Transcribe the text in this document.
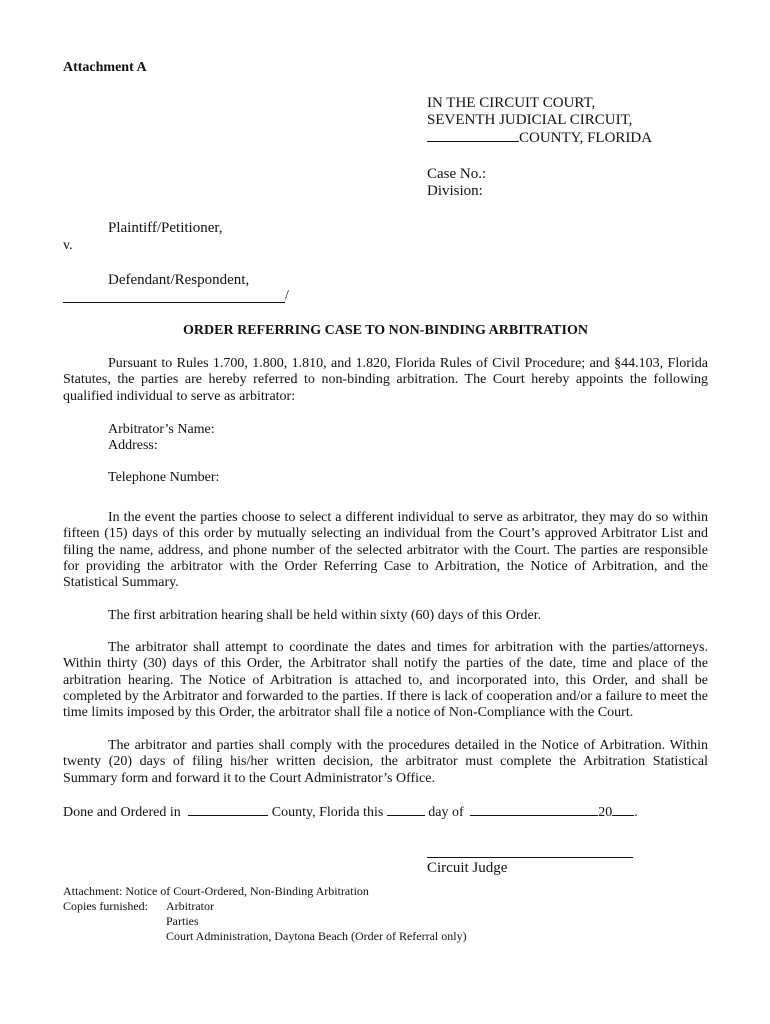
Attachment A
IN THE CIRCUIT COURT,
SEVENTH JUDICIAL CIRCUIT,
COUNTY, FLORIDA
Case No.:
Division:
Plaintiff/Petitioner,
v.
Defendant/Respondent,
/
ORDER REFERRING CASE TO NON-BINDING ARBITRATION
Pursuant to Rules 1.700, 1.800, 1.810, and 1.820, Florida Rules of Civil Procedure; and §44.103, Florida Statutes, the parties are hereby referred to non-binding arbitration. The Court hereby appoints the following qualified individual to serve as arbitrator:
Arbitrator’s Name:
Address:
Telephone Number:
In the event the parties choose to select a different individual to serve as arbitrator, they may do so within fifteen (15) days of this order by mutually selecting an individual from the Court’s approved Arbitrator List and filing the name, address, and phone number of the selected arbitrator with the Court. The parties are responsible for providing the arbitrator with the Order Referring Case to Arbitration, the Notice of Arbitration, and the Statistical Summary.
The first arbitration hearing shall be held within sixty (60) days of this Order.
The arbitrator shall attempt to coordinate the dates and times for arbitration with the parties/attorneys. Within thirty (30) days of this Order, the Arbitrator shall notify the parties of the date, time and place of the arbitration hearing. The Notice of Arbitration is attached to, and incorporated into, this Order, and shall be completed by the Arbitrator and forwarded to the parties. If there is lack of cooperation and/or a failure to meet the time limits imposed by this Order, the arbitrator shall file a notice of Non-Compliance with the Court.
The arbitrator and parties shall comply with the procedures detailed in the Notice of Arbitration. Within twenty (20) days of filing his/her written decision, the arbitrator must complete the Arbitration Statistical Summary form and forward it to the Court Administrator’s Office.
Done and Ordered in	County, Florida this	day of	20 .
Circuit Judge
Attachment: Notice of Court-Ordered, Non-Binding Arbitration
Copies furnished: Arbitrator
Parties
Court Administration, Daytona Beach (Order of Referral only)
